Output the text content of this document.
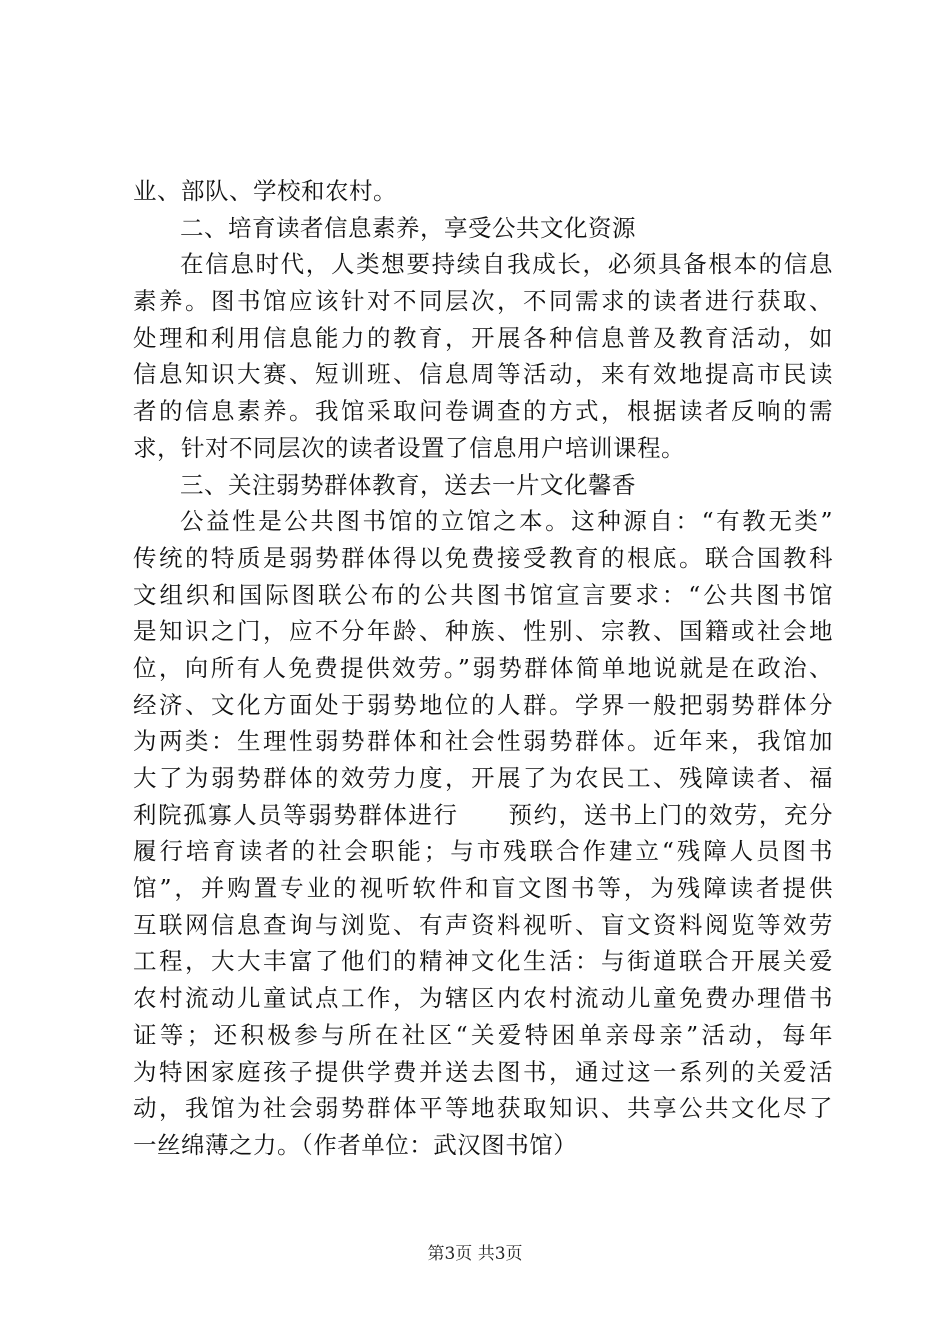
业、部队、学校和农村。
二、培育读者信息素养，享受公共文化资源
在信息时代，人类想要持续自我成长，必须具备根本的信息
素养。图书馆应该针对不同层次，不同需求的读者进行获取、
处理和利用信息能力的教育，开展各种信息普及教育活动，如
信息知识大赛、短训班、信息周等活动，来有效地提高市民读
者的信息素养。我馆采取问卷调查的方式，根据读者反响的需
求，针对不同层次的读者设置了信息用户培训课程。
三、关注弱势群体教育，送去一片文化馨香
公益性是公共图书馆的立馆之本。这种源自：“有教无类”
传统的特质是弱势群体得以免费接受教育的根底。联合国教科
文组织和国际图联公布的公共图书馆宣言要求：“公共图书馆
是知识之门，应不分年龄、种族、性别、宗教、国籍或社会地
位，向所有人免费提供效劳。”弱势群体简单地说就是在政治、
经济、文化方面处于弱势地位的人群。学界一般把弱势群体分
为两类：生理性弱势群体和社会性弱势群体。近年来，我馆加
大了为弱势群体的效劳力度，开展了为农民工、残障读者、福
利院孤寡人员等弱势群体进行　　预约，送书上门的效劳，充分
履行培育读者的社会职能；与市残联合作建立“残障人员图书
馆”，并购置专业的视听软件和盲文图书等，为残障读者提供
互联网信息查询与浏览、有声资料视听、盲文资料阅览等效劳
工程，大大丰富了他们的精神文化生活：与街道联合开展关爱
农村流动儿童试点工作，为辖区内农村流动儿童免费办理借书
证等；还积极参与所在社区“关爱特困单亲母亲”活动，每年
为特困家庭孩子提供学费并送去图书，通过这一系列的关爱活
动，我馆为社会弱势群体平等地获取知识、共享公共文化尽了
一丝绵薄之力。（作者单位：武汉图书馆）
第3页 共3页
